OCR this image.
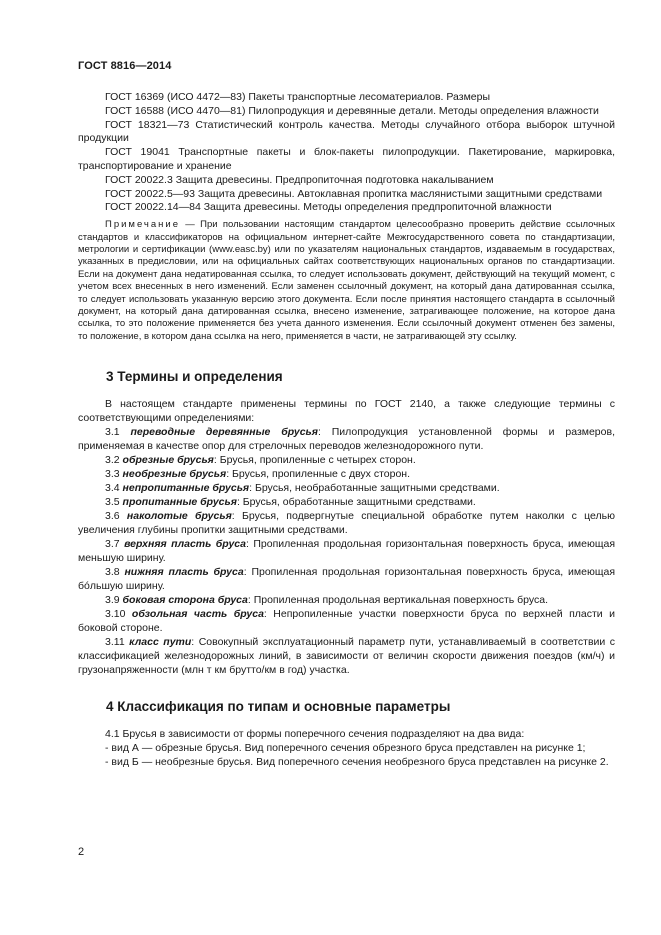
ГОСТ 8816—2014

ГОСТ 16369 (ИСО 4472—83) Пакеты транспортные лесоматериалов. Размеры

ГОСТ 16588 (ИСО 4470—81) Пилопродукция и деревянные детали. Методы определения влажности

ГОСТ 18321—73 Статистический контроль качества. Методы случайного отбора выборок штучной продукции

ГОСТ 19041 Транспортные пакеты и блок-пакеты пилопродукции. Пакетирование, маркировка, транспортирование и хранение

ГОСТ 20022.3 Защита древесины. Предпропиточная подготовка накалыванием

ГОСТ 20022.5—93 Защита древесины. Автоклавная пропитка маслянистыми защитными средствами

ГОСТ 20022.14—84 Защита древесины. Методы определения предпропиточной влажности

Примечание — При пользовании настоящим стандартом целесообразно проверить действие ссылочных стандартов и классификаторов на официальном интернет-сайте Межгосударственного совета по стандартизации, метрологии и сертификации (www.easc.by) или по указателям национальных стандартов, издаваемым в государствах, указанных в предисловии, или на официальных сайтах соответствующих национальных органов по стандартизации. Если на документ дана недатированная ссылка, то следует использовать документ, действующий на текущий момент, с учетом всех внесенных в него изменений. Если заменен ссылочный документ, на который дана датированная ссылка, то следует использовать указанную версию этого документа. Если после принятия настоящего стандарта в ссылочный документ, на который дана датированная ссылка, внесено изменение, затрагивающее положение, на которое дана ссылка, то это положение применяется без учета данного изменения. Если ссылочный документ отменен без замены, то положение, в котором дана ссылка на него, применяется в части, не затрагивающей эту ссылку.

3 Термины и определения

В настоящем стандарте применены термины по ГОСТ 2140, а также следующие термины с соответствующими определениями:

3.1 переводные деревянные брусья: Пилопродукция установленной формы и размеров, применяемая в качестве опор для стрелочных переводов железнодорожного пути.

3.2 обрезные брусья: Брусья, пропиленные с четырех сторон.

3.3 необрезные брусья: Брусья, пропиленные с двух сторон.

3.4 непропитанные брусья: Брусья, необработанные защитными средствами.

3.5 пропитанные брусья: Брусья, обработанные защитными средствами.

3.6 наколотые брусья: Брусья, подвергнутые специальной обработке путем наколки с целью увеличения глубины пропитки защитными средствами.

3.7 верхняя пласть бруса: Пропиленная продольная горизонтальная поверхность бруса, имеющая меньшую ширину.

3.8 нижняя пласть бруса: Пропиленная продольная горизонтальная поверхность бруса, имеющая бóльшую ширину.

3.9 боковая сторона бруса: Пропиленная продольная вертикальная поверхность бруса.

3.10 обзольная часть бруса: Непропиленные участки поверхности бруса по верхней пласти и боковой стороне.

3.11 класс пути: Совокупный эксплуатационный параметр пути, устанавливаемый в соответствии с классификацией железнодорожных линий, в зависимости от величин скорости движения поездов (км/ч) и грузонапряженности (млн т км брутто/км в год) участка.

4 Классификация по типам и основные параметры

4.1 Брусья в зависимости от формы поперечного сечения подразделяют на два вида:

- вид А — обрезные брусья. Вид поперечного сечения обрезного бруса представлен на рисунке 1;

- вид Б — необрезные брусья. Вид поперечного сечения необрезного бруса представлен на рисунке 2.

2
